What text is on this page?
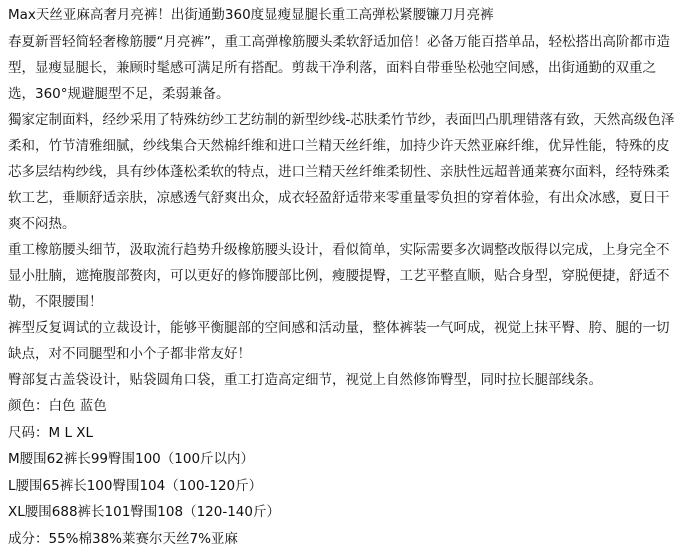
Max天丝亚麻高奢月亮裤！出街通勤360度显瘦显腿长重工高弹松紧腰镰刀月亮裤

春夏新晋轻简轻奢橡筋腰“月亮裤”，重工高弹橡筋腰头柔软舒适加倍！必备万能百搭单品，轻松搭出高阶都市造型，显瘦显腿长，兼顾时髦感可满足所有搭配。剪裁干净利落，面料自带垂坠松弛空间感，出街通勤的双重之选，360°规避腿型不足，柔弱兼备。

獨家定制面料，经纱采用了特殊纺纱工艺纺制的新型纱线-芯肤柔竹节纱，表面凹凸肌理错落有致，天然高级色泽柔和，竹节清雅细腻，纱线集合天然棉纤维和进口兰精天丝纤维，加持少许天然亚麻纤维，优异性能，特殊的皮芯多层结构纱线，具有纱体蓬松柔软的特点，进口兰精天丝纤维柔韧性、亲肤性远超普通莱赛尔面料，经特殊柔软工艺，垂顺舒适亲肤，凉感透气舒爽出众，成衣轻盈舒适带来零重量零负担的穿着体验，有出众冰感，夏日干爽不闷热。

重工橡筋腰头细节，汲取流行趋势升级橡筋腰头设计，看似简单，实际需要多次调整改版得以完成，上身完全不显小肚腩，遮掩腹部赘肉，可以更好的修饰腰部比例，瘦腰提臀，工艺平整直顺，贴合身型，穿脱便捷，舒适不勒，不限腰围！

裤型反复调试的立裁设计，能够平衡腿部的空间感和活动量，整体裤装一气呵成，视觉上抹平臀、胯、腿的一切缺点，对不同腿型和小个子都非常友好！

臀部复古盖袋设计，贴袋圆角口袋，重工打造高定细节，视觉上自然修饰臀型，同时拉长腿部线条。

颜色：白色 蓝色

尺码：M L XL

M腰围62裤长99臀围100（100斤以内）

L腰围65裤长100臀围104（100-120斤）

XL腰围688裤长101臀围108（120-140斤）

成分：55%棉38%莱赛尔天丝7%亚麻
